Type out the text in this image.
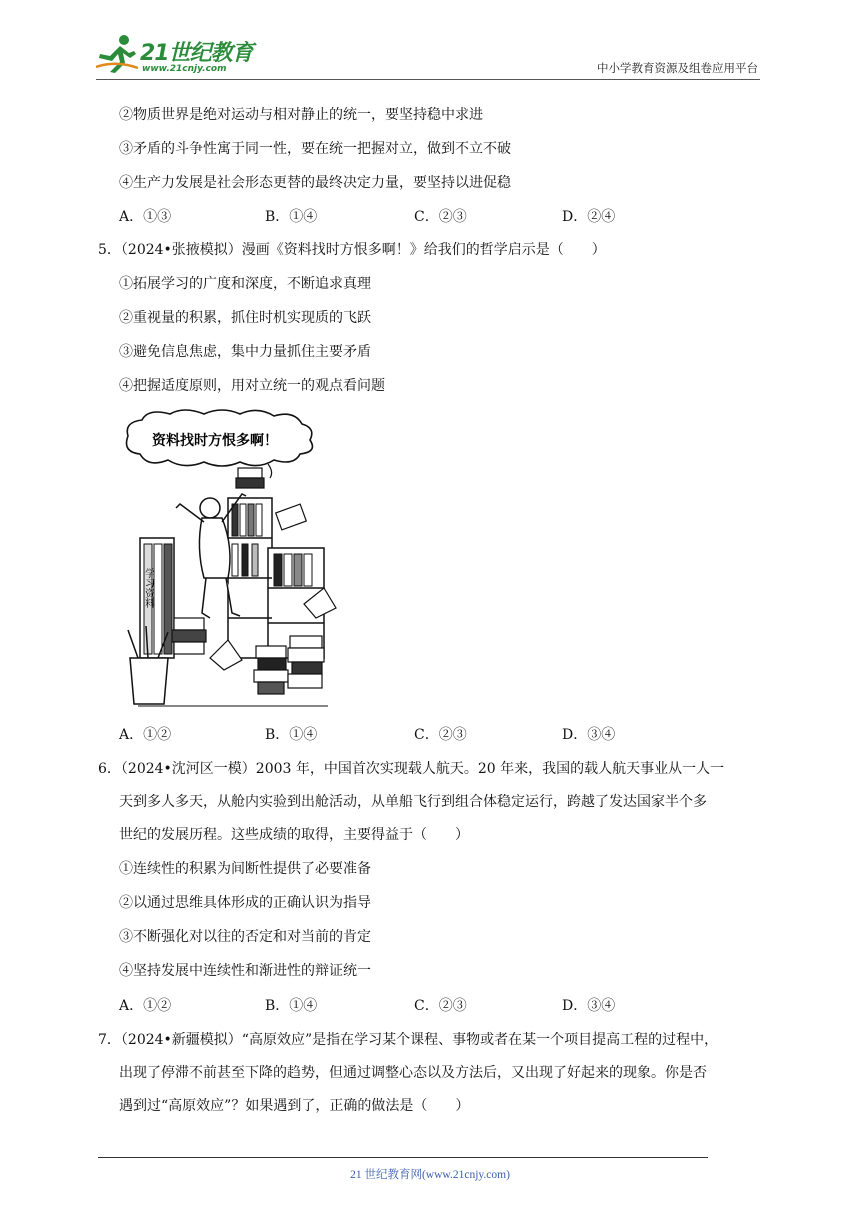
21世纪教育
www.21cnjy.com	中小学教育资源及组卷应用平台
②物质世界是绝对运动与相对静止的统一，要坚持稳中求进
③矛盾的斗争性寓于同一性，要在统一把握对立，做到不立不破
④生产力发展是社会形态更替的最终决定力量，要坚持以进促稳
A．①③	B．①④	C．②③	D．②④
5．（2024•张掖模拟）漫画《资料找时方恨多啊！》给我们的哲学启示是（　　）
①拓展学习的广度和深度，不断追求真理
②重视量的积累，抓住时机实现质的飞跃
③避免信息焦虑，集中力量抓住主要矛盾
④把握适度原则，用对立统一的观点看问题
资料找时方恨多啊！
学习资料
A．①②	B．①④	C．②③	D．③④
6．（2024•沈河区一模）2003 年，中国首次实现载人航天。20 年来，我国的载人航天事业从一人一
天到多人多天，从舱内实验到出舱活动，从单船飞行到组合体稳定运行，跨越了发达国家半个多
世纪的发展历程。这些成绩的取得，主要得益于（　　）
①连续性的积累为间断性提供了必要准备
②以通过思维具体形成的正确认识为指导
③不断强化对以往的否定和对当前的肯定
④坚持发展中连续性和渐进性的辩证统一
A．①②	B．①④	C．②③	D．③④
7．（2024•新疆模拟）“高原效应”是指在学习某个课程、事物或者在某一个项目提高工程的过程中，
出现了停滞不前甚至下降的趋势，但通过调整心态以及方法后，又出现了好起来的现象。你是否
遇到过“高原效应”？如果遇到了，正确的做法是（　　）
21 世纪教育网(www.21cnjy.com)
